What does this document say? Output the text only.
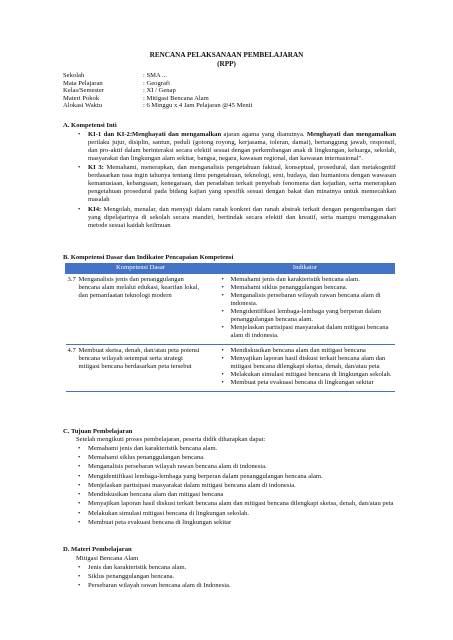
RENCANA PELAKSANAAN PEMBELAJARAN
(RPP)
Sekolah	: SMA ...
Mata Pelajaran	: Geografi
Kelas/Semester	: XI / Genap
Materi Pokok	: Mitigasi Bencana Alam
Alokasi Waktu	: 6 Minggu x 4 Jam Pelajaran @45 Menit
A. Kompetensi Inti
• KI-1 dan KI-2:Menghayati dan mengamalkan ajaran agama yang dianutnya. Menghayati dan mengamalkan perilaku jujur, disiplin, santun, peduli (gotong royong, kerjasama, toleran, damai), bertanggung jawab, responsif, dan pro-aktif dalam berinteraksi secara efektif sesuai dengan perkembangan anak di lingkungan, keluarga, sekolah, masyarakat dan lingkungan alam sekitar, bangsa, negara, kawasan regional, dan kawasan internasional".
• KI 3: Memahami, menerapkan, dan menganalisis pengetahuan faktual, konseptual, prosedural, dan metakognitif berdasarkan rasa ingin tahunya tentang ilmu pengetahuan, teknologi, seni, budaya, dan humaniora dengan wawasan kemanusiaan, kebangsaan, kenegaraan, dan peradaban terkait penyebab fenomena dan kejadian, serta menerapkan pengetahuan prosedural pada bidang kajian yang spesifik sesuai dengan bakat dan minatnya untuk memecahkan masalah
• KI4: Mengolah, menalar, dan menyaji dalam ranah konkret dan ranah abstrak terkait dengan pengembangan dari yang dipelajarinya di sekolah secara mandiri, bertindak secara efektif dan kreatif, serta mampu menggunakan metode sesuai kaidah keilmuan
B. Kompetensi Dasar dan Indikator Pencapaian Kompetensi
Kompetensi Dasar	Indikator
3.7 Menganalisis jenis dan penanggulangan bencana alam melalui edukasi, kearifan lokal, dan pemanfaatan teknologi modern	• Memahami jenis dan karakteristik bencana alam.
• Memahami siklus penanggulangan bencana.
• Menganalisis persebaran wilayah rawan bencana alam di indonesia.
• Mengidentifikasi lembaga-lembaga yang berperan dalam penanggulangan bencana alam.
• Menjelaskan partisipasi masyarakat dalam mitigasi bencana alam di indonesia.

4.7 Membuat sketsa, denah, dan/atau peta potensi bencana wilayah setempat serta strategi mitigasi bencana berdasarkan peta tersebut	• Mendiskusikan bencana alam dan mitigasi bencana
• Menyajikan laporan hasil diskusi terkait bencana alam dan mitigasi bencana dilengkapi sketsa, denah, dan/atau peta
• Melakukan simulasi mitigasi bencana di lingkungan sekolah.
• Membuat peta evakuasi bencana di lingkungan sekitar
C. Tujuan Pembelajaran
Setelah mengikuti proses pembelajaran, peserta didik diharapkan dapat:
• Memahami jenis dan karakteristik bencana alam.
• Memahami siklus penanggulangan bencana.
• Menganalisis persebaran wilayah rawan bencana alam di indonesia.
• Mengidentifikasi lembaga-lembaga yang berperan dalam penanggulangan bencana alam.
• Menjelaskan partisipasi masyarakat dalam mitigasi bencana alam di indonesia.
• Mendiskusikan bencana alam dan mitigasi bencana
• Menyajikan laporan hasil diskusi terkait bencana alam dan mitigasi bencana dilengkapi sketsa, denah, dan/atau peta
• Melakukan simulasi mitigasi bencana di lingkungan sekolah.
• Membuat peta evakuasi bencana di lingkungan sekitar
D. Materi Pembelajaran
Mitigasi Bencana Alam
• Jenis dan karakteristik bencana alam.
• Siklus penanggulangan bencana.
• Persebaran wilayah rawan bencana alam di Indonesia.
